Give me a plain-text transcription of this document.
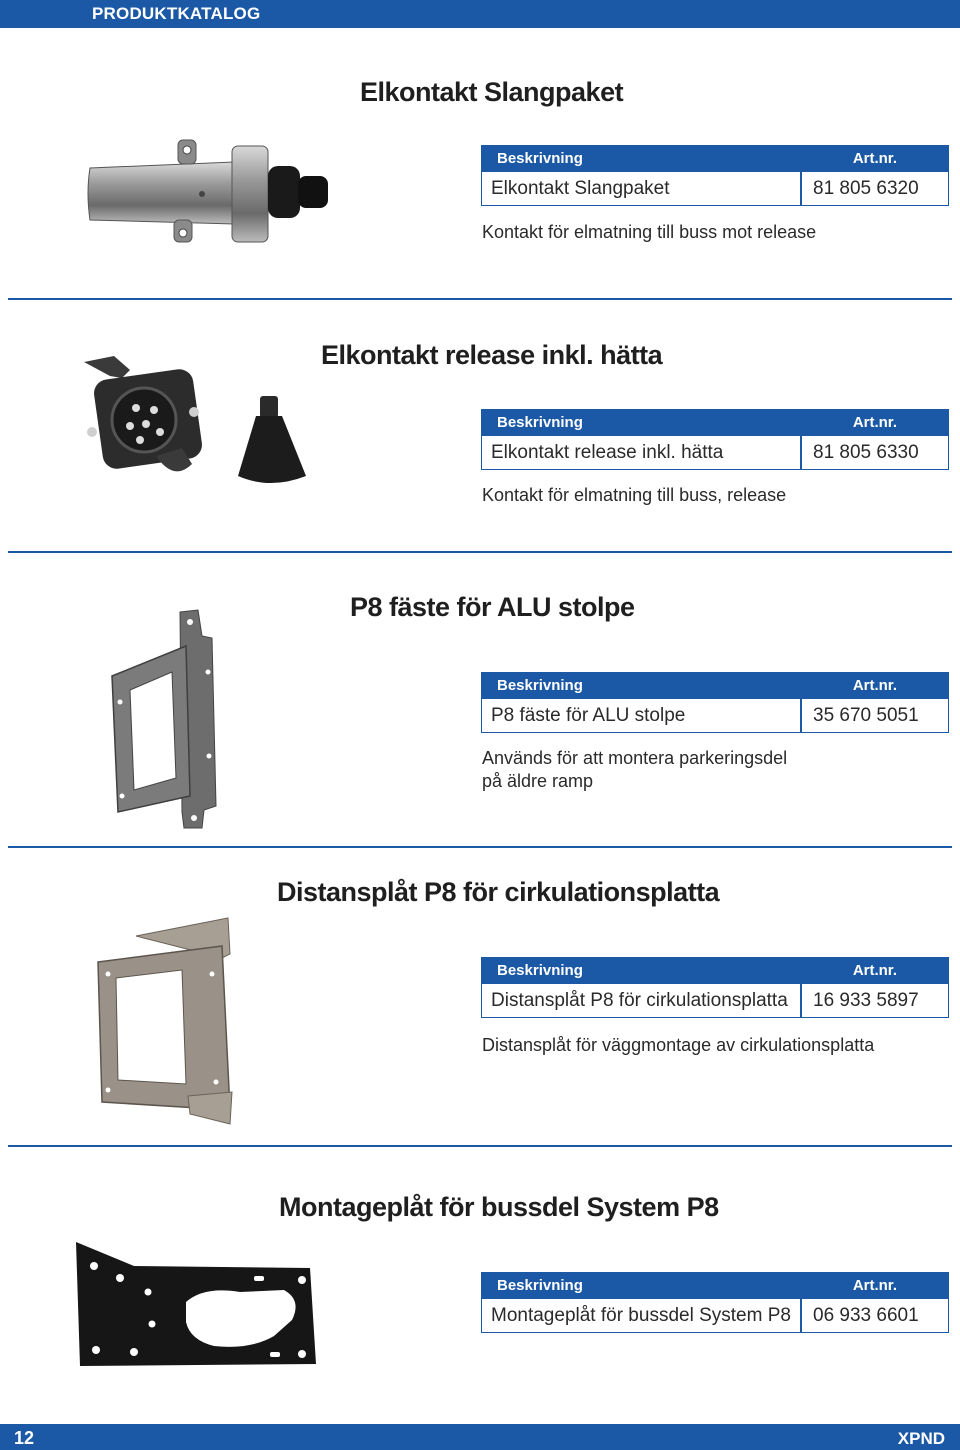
PRODUKTKATALOG
Elkontakt Slangpaket
Beskrivning	Art.nr.
Elkontakt Slangpaket	81 805 6320
Kontakt för elmatning till buss mot release
Elkontakt release inkl. hätta
Beskrivning	Art.nr.
Elkontakt release inkl. hätta	81 805 6330
Kontakt för elmatning till buss, release
P8 fäste för ALU stolpe
Beskrivning	Art.nr.
P8 fäste för ALU stolpe	35 670 5051
Används för att montera parkeringsdel
på äldre ramp
Distansplåt P8 för cirkulationsplatta
Beskrivning	Art.nr.
Distansplåt P8 för cirkulationsplatta 16 933 5897
Distansplåt för väggmontage av cirkulationsplatta
Montageplåt för bussdel System P8
Beskrivning	Art.nr.
Montageplåt för bussdel System P8 06 933 6601
12	XPND
